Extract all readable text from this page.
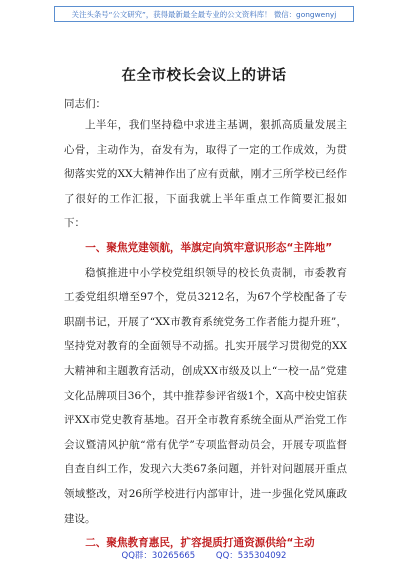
关注头条号“公文研究”，获得最新最全最专业的公文资料库！ 微信：gongwenyj
在全市校长会议上的讲话
同志们：

上半年，我们坚持稳中求进主基调，狠抓高质量发展主心骨，主动作为，奋发有为，取得了一定的工作成效，为贯彻落实党的XX大精神作出了应有贡献，刚才三所学校已经作了很好的工作汇报，下面我就上半年重点工作简要汇报如下：

一、聚焦党建领航，举旗定向筑牢意识形态“主阵地”

稳慎推进中小学校党组织领导的校长负责制，市委教育工委党组织增至97个，党员3212名，为67个学校配备了专职副书记，开展了“XX市教育系统党务工作者能力提升班”，坚持党对教育的全面领导不动摇。扎实开展学习贯彻党的XX大精神和主题教育活动，创成XX市级及以上“一校一品”党建文化品牌项目36个，其中推荐参评省级1个，X高中校史馆获评XX市党史教育基地。召开全市教育系统全面从严治党工作会议暨清风护航“常有优学”专项监督动员会，开展专项监督自查自纠工作，发现六大类67条问题，并针对问题展开重点领域整改，对26所学校进行内部审计，进一步强化党风廉政建设。

二、聚焦教育惠民，扩容提质打通资源供给“主动

QQ群：30265665 QQ：535304092
